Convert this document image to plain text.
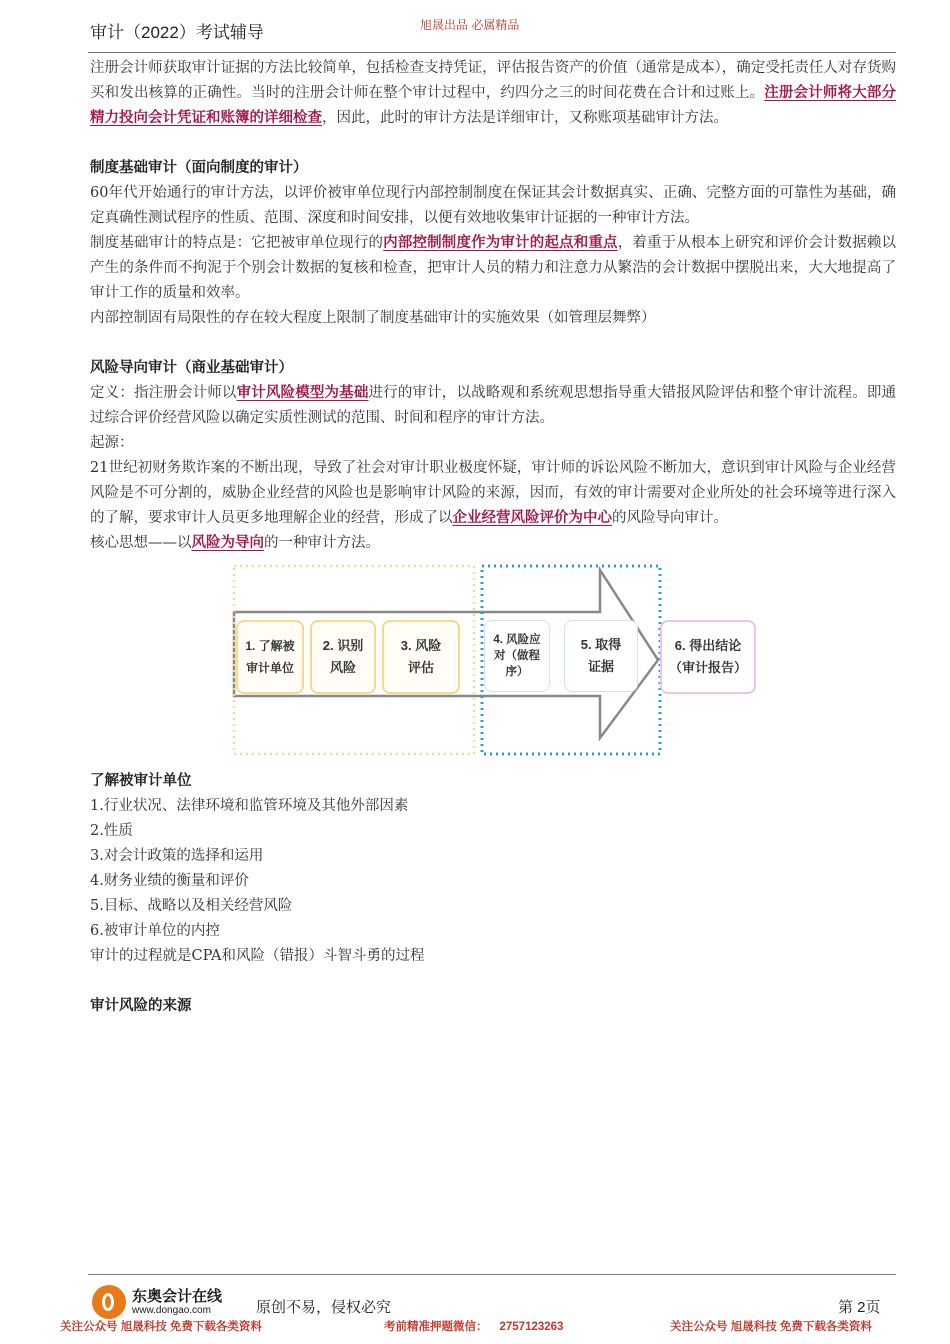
审计（2022）考试辅导	旭晟出品 必属精品

注册会计师获取审计证据的方法比较简单，包括检查支持凭证，评估报告资产的价值（通常是成本），确定受托责任人对存货购买和发出核算的正确性。当时的注册会计师在整个审计过程中，约四分之三的时间花费在合计和过账上。注册会计师将大部分精力投向会计凭证和账簿的详细检查，因此，此时的审计方法是详细审计，又称账项基础审计方法。

制度基础审计（面向制度的审计）

60年代开始通行的审计方法，以评价被审单位现行内部控制制度在保证其会计数据真实、正确、完整方面的可靠性为基础，确定真确性测试程序的性质、范围、深度和时间安排，以便有效地收集审计证据的一种审计方法。

制度基础审计的特点是：它把被审单位现行的内部控制制度作为审计的起点和重点，着重于从根本上研究和评价会计数据赖以产生的条件而不拘泥于个别会计数据的复核和检查，把审计人员的精力和注意力从繁浩的会计数据中摆脱出来，大大地提高了审计工作的质量和效率。

内部控制固有局限性的存在较大程度上限制了制度基础审计的实施效果（如管理层舞弊）

风险导向审计（商业基础审计）

定义：指注册会计师以审计风险模型为基础进行的审计，以战略观和系统观思想指导重大错报风险评估和整个审计流程。即通过综合评价经营风险以确定实质性测试的范围、时间和程序的审计方法。

起源：

21世纪初财务欺诈案的不断出现，导致了社会对审计职业极度怀疑，审计师的诉讼风险不断加大，意识到审计风险与企业经营风险是不可分割的，威胁企业经营的风险也是影响审计风险的来源，因而，有效的审计需要对企业所处的社会环境等进行深入的了解，要求审计人员更多地理解企业的经营，形成了以企业经营风险评价为中心的风险导向审计。

核心思想——以风险为导向的一种审计方法。

1. 了解被
审计单位
2. 识别
风险
3. 风险
评估
4. 风险应
对（做程
序）
5. 取得
证据
6. 得出结论
（审计报告）

了解被审计单位

1.行业状况、法律环境和监管环境及其他外部因素

2.性质

3.对会计政策的选择和运用

4.财务业绩的衡量和评价

5.目标、战略以及相关经营风险

6.被审计单位的内控

审计的过程就是CPA和风险（错报）斗智斗勇的过程

审计风险的来源

东奥会计在线
www.dongao.com	原创不易，侵权必究	第 2页
关注公众号 旭晟科技 免费下载各类资料	考前精准押题微信： 2757123263	关注公众号 旭晟科技 免费下载各类资料
